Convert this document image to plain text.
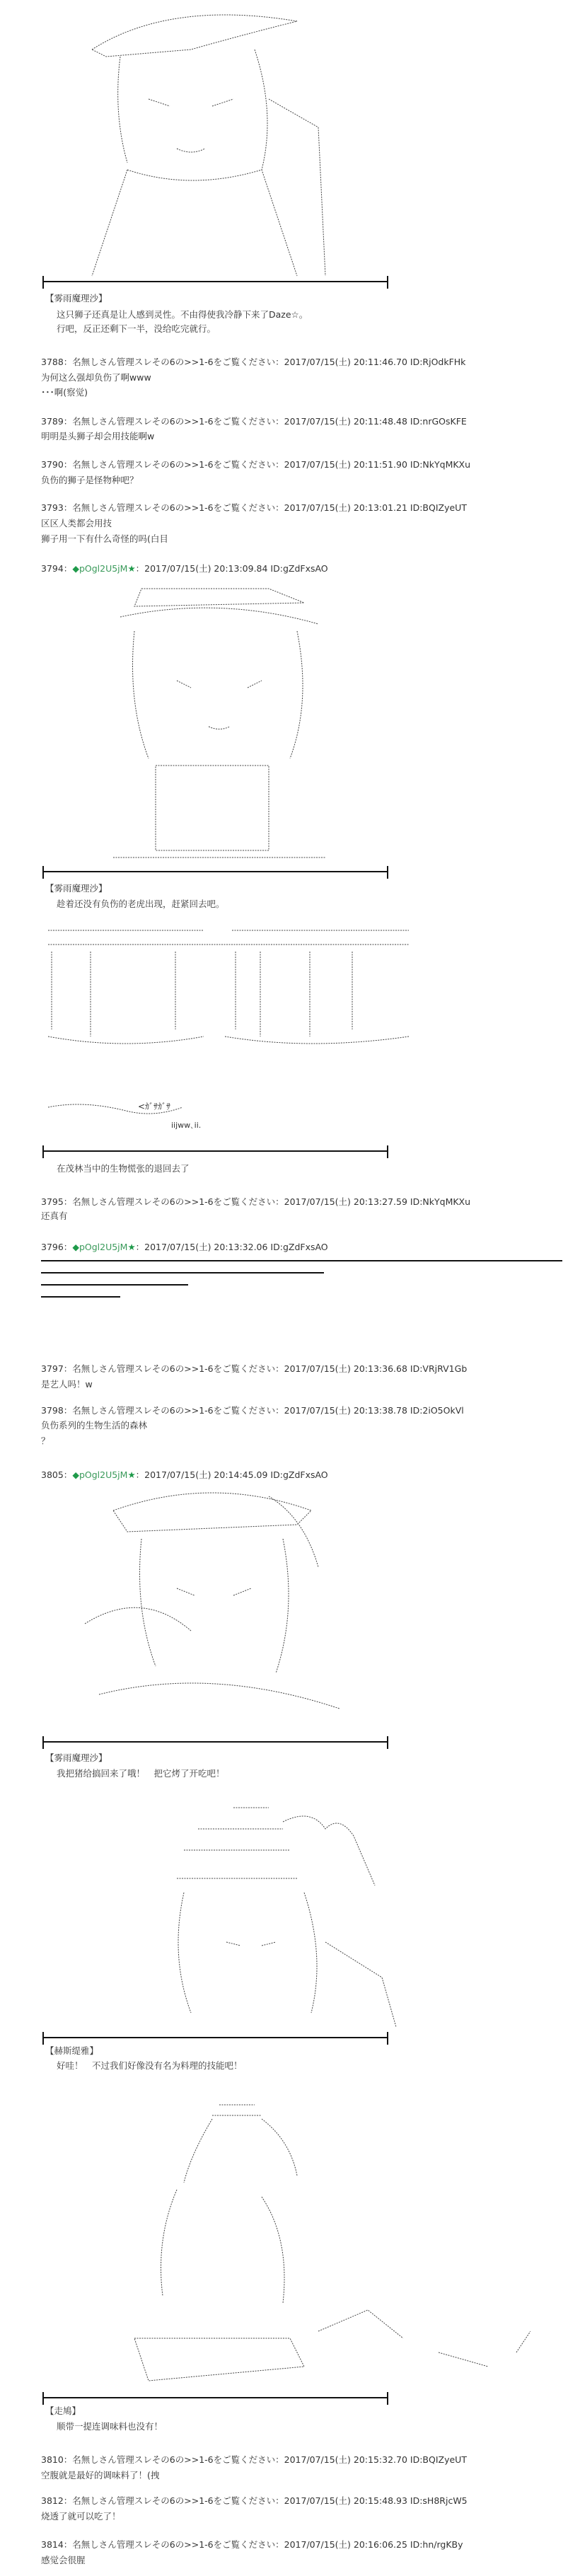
【雾雨魔理沙】
这只狮子还真是让人感到灵性。不由得使我冷静下来了Daze☆。
行吧，反正还剩下一半，没给吃完就行。
3788：名無しさん管理スレその6の>>1-6をご覧ください：2017/07/15(土) 20:11:46.70 ID:RjOdkFHk
为何这么强却负伤了啊www
･･･啊(察觉)
3789：名無しさん管理スレその6の>>1-6をご覧ください：2017/07/15(土) 20:11:48.48 ID:nrGOsKFE
明明是头狮子却会用技能啊w
3790：名無しさん管理スレその6の>>1-6をご覧ください：2017/07/15(土) 20:11:51.90 ID:NkYqMKXu
负伤的狮子是怪物种吧？
3793：名無しさん管理スレその6の>>1-6をご覧ください：2017/07/15(土) 20:13:01.21 ID:BQIZyeUT
区区人类都会用技
狮子用一下有什么奇怪的吗(白目
3794：◆pOgl2U5jM★：2017/07/15(土) 20:13:09.84 ID:gZdFxsAO
【雾雨魔理沙】
趁着还没有负伤的老虎出现，赶紧回去吧。
<ｶﾞｻｶﾞｻ
iijww､ii.
在茂林当中的生物慌张的退回去了
3795：名無しさん管理スレその6の>>1-6をご覧ください：2017/07/15(土) 20:13:27.59 ID:NkYqMKXu
还真有
3796：◆pOgl2U5jM★：2017/07/15(土) 20:13:32.06 ID:gZdFxsAO
3797：名無しさん管理スレその6の>>1-6をご覧ください：2017/07/15(土) 20:13:36.68 ID:VRjRV1Gb
是艺人吗！w
3798：名無しさん管理スレその6の>>1-6をご覧ください：2017/07/15(土) 20:13:38.78 ID:2iO5OkVl
负伤系列的生物生活的森林
？
3805：◆pOgl2U5jM★：2017/07/15(土) 20:14:45.09 ID:gZdFxsAO
【雾雨魔理沙】
我把猪给搞回来了哦！　把它烤了开吃吧！
【赫斯缇雅】
好哇！　不过我们好像没有名为料理的技能吧！
【走鳩】
顺带一提连调味料也没有！
3810：名無しさん管理スレその6の>>1-6をご覧ください：2017/07/15(土) 20:15:32.70 ID:BQIZyeUT
空腹就是最好的调味料了！(拽
3812：名無しさん管理スレその6の>>1-6をご覧ください：2017/07/15(土) 20:15:48.93 ID:sH8RjcW5
烧透了就可以吃了！
3814：名無しさん管理スレその6の>>1-6をご覧ください：2017/07/15(土) 20:16:06.25 ID:hn/rgKBy
感觉会很腥
